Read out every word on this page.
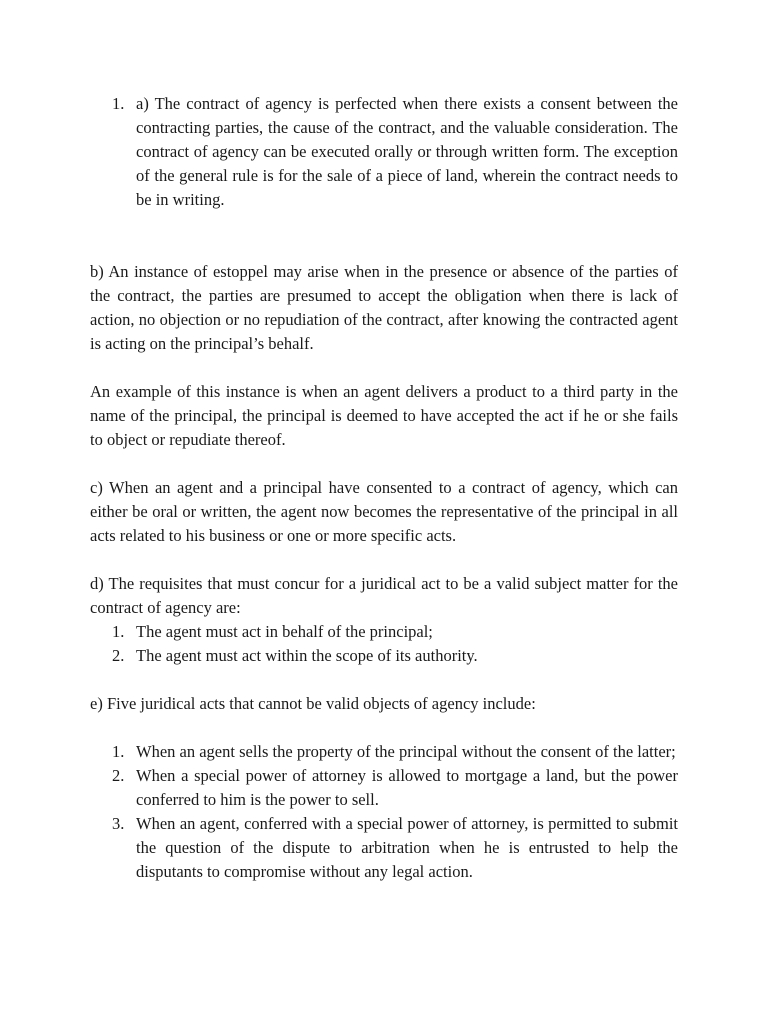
1. a) The contract of agency is perfected when there exists a consent between the contracting parties, the cause of the contract, and the valuable consideration. The contract of agency can be executed orally or through written form. The exception of the general rule is for the sale of a piece of land, wherein the contract needs to be in writing.

b) An instance of estoppel may arise when in the presence or absence of the parties of the contract, the parties are presumed to accept the obligation when there is lack of action, no objection or no repudiation of the contract, after knowing the contracted agent is acting on the principal’s behalf.

An example of this instance is when an agent delivers a product to a third party in the name of the principal, the principal is deemed to have accepted the act if he or she fails to object or repudiate thereof.

c) When an agent and a principal have consented to a contract of agency, which can either be oral or written, the agent now becomes the representative of the principal in all acts related to his business or one or more specific acts.

d) The requisites that must concur for a juridical act to be a valid subject matter for the contract of agency are:

1. The agent must act in behalf of the principal;
2. The agent must act within the scope of its authority.

e) Five juridical acts that cannot be valid objects of agency include:

1. When an agent sells the property of the principal without the consent of the latter;
2. When a special power of attorney is allowed to mortgage a land, but the power conferred to him is the power to sell.
3. When an agent, conferred with a special power of attorney, is permitted to submit the question of the dispute to arbitration when he is entrusted to help the disputants to compromise without any legal action.
